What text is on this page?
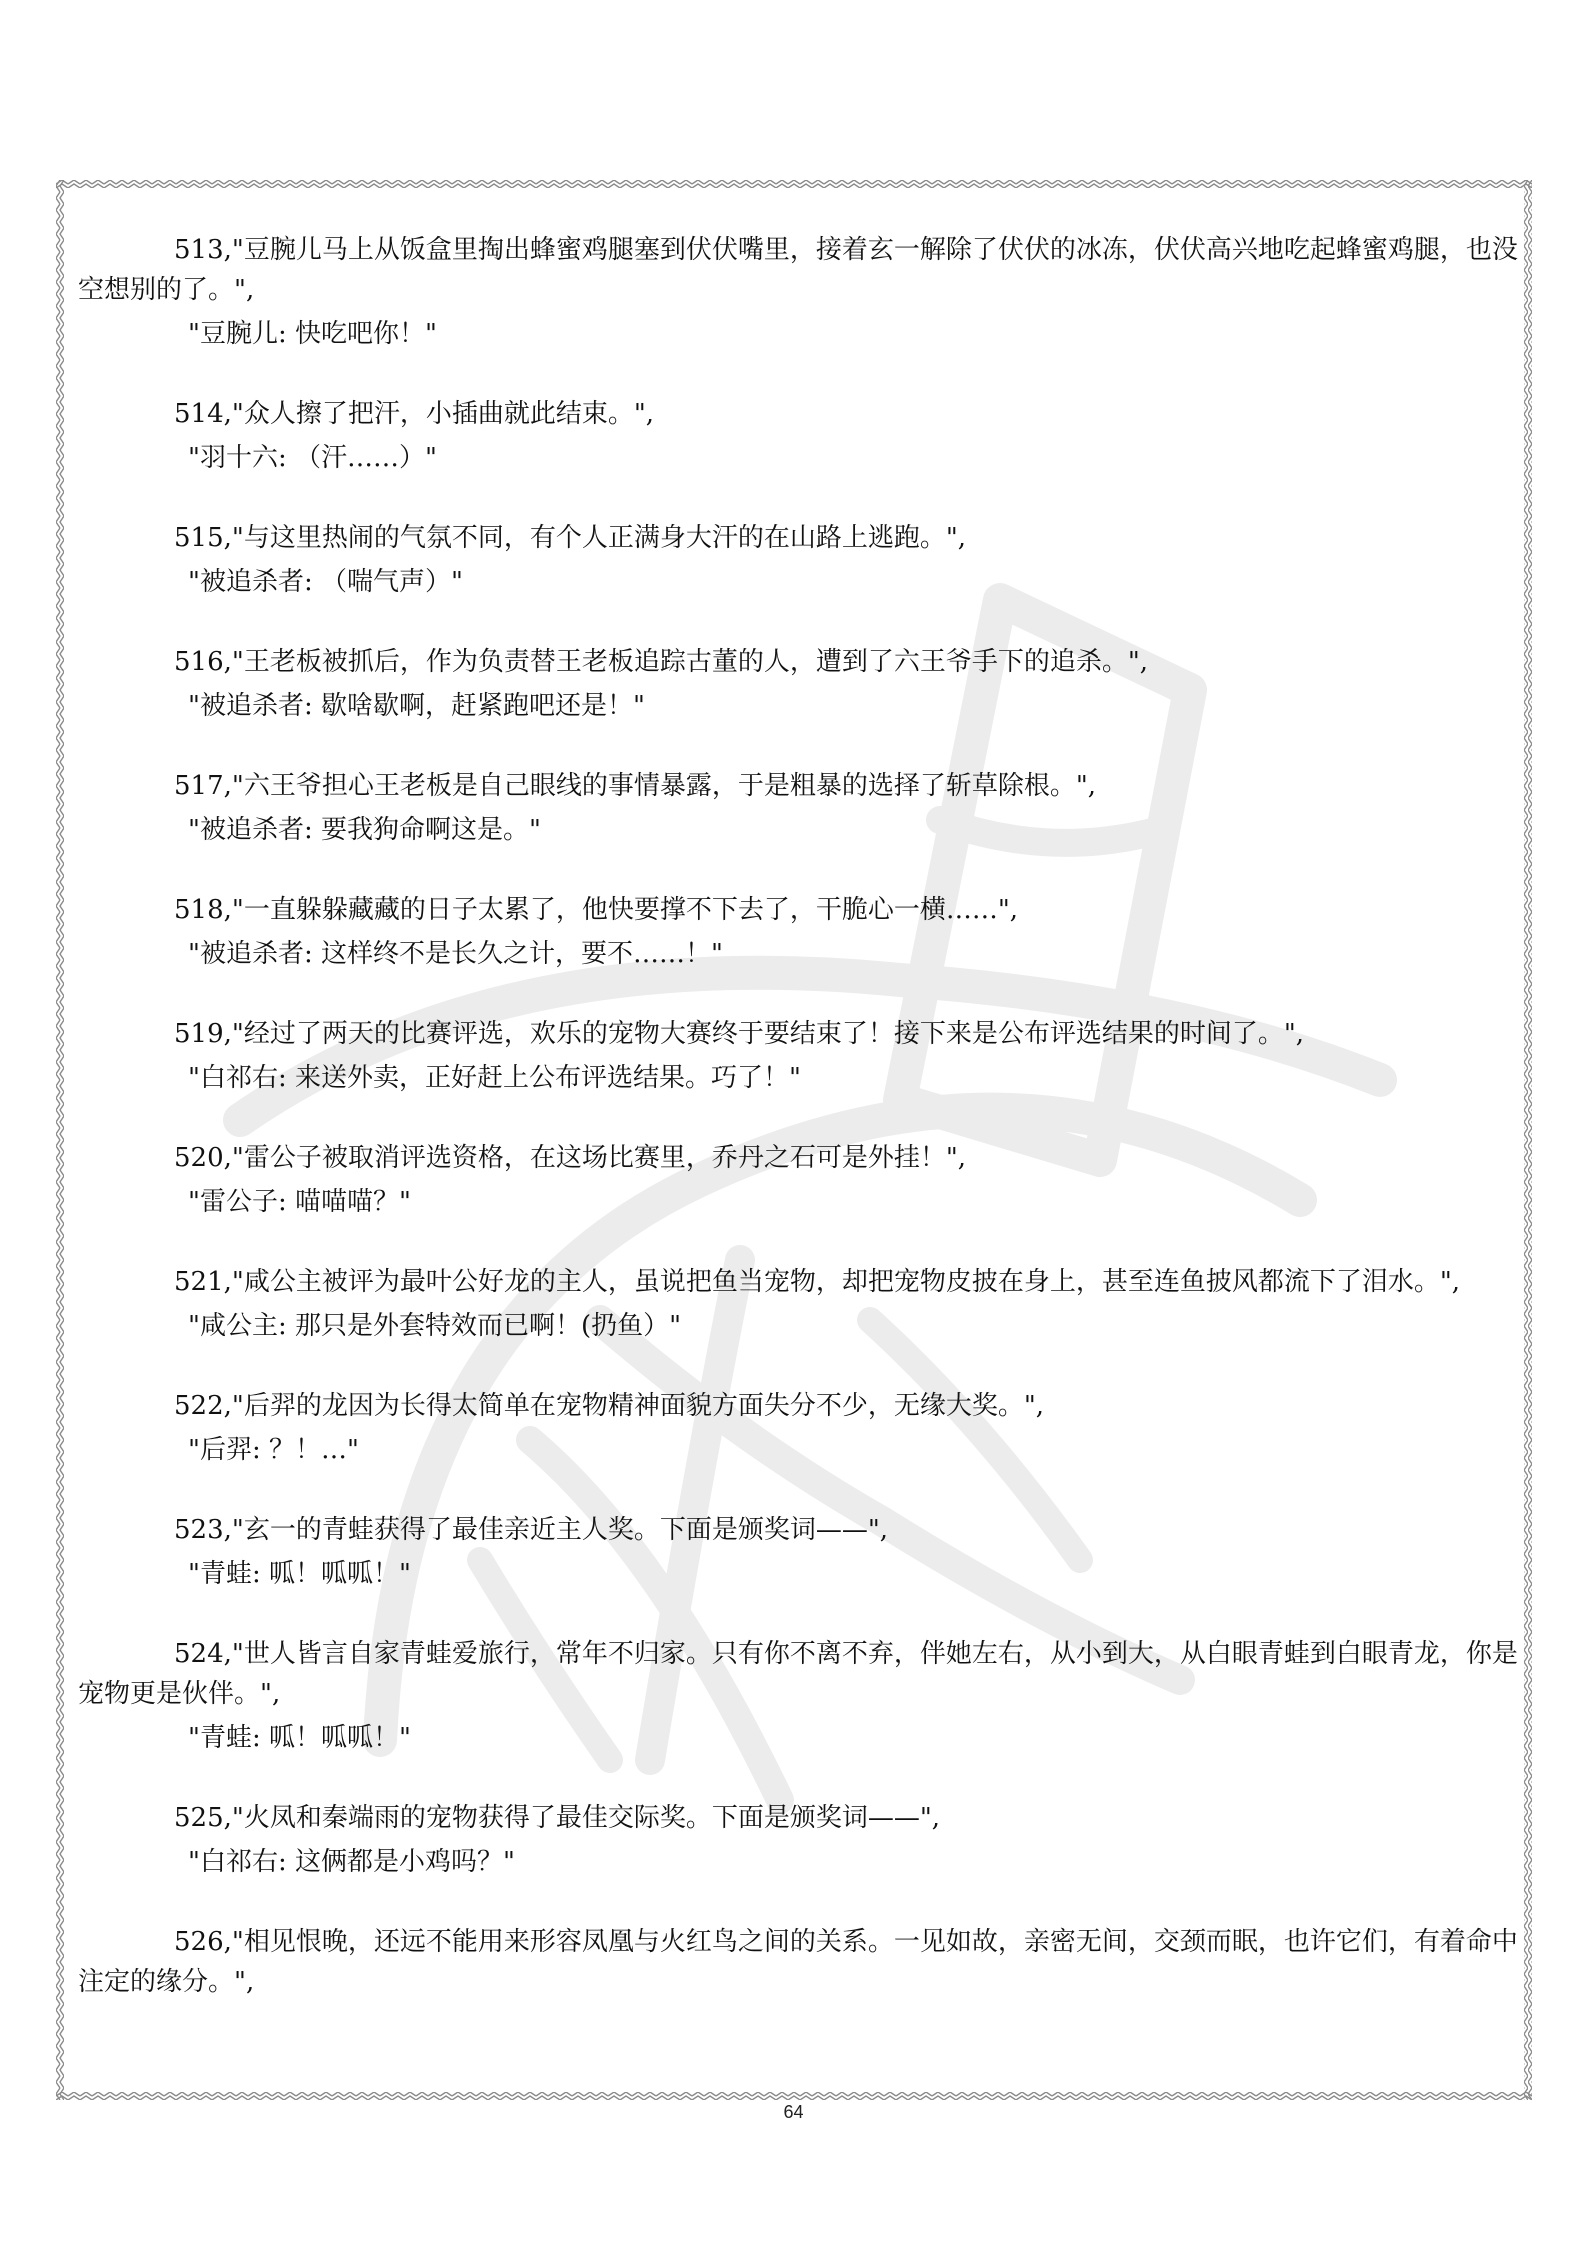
513,"豆腕儿马上从饭盒里掏出蜂蜜鸡腿塞到伏伏嘴里，接着玄一解除了伏伏的冰冻，伏伏高兴地吃起蜂蜜鸡腿，也没空想别的了。",

"豆腕儿: 快吃吧你！"

514,"众人擦了把汗，小插曲就此结束。",

"羽十六: （汗……）"

515,"与这里热闹的气氛不同，有个人正满身大汗的在山路上逃跑。",

"被追杀者: （喘气声）"

516,"王老板被抓后，作为负责替王老板追踪古董的人，遭到了六王爷手下的追杀。",

"被追杀者: 歇啥歇啊，赶紧跑吧还是！"

517,"六王爷担心王老板是自己眼线的事情暴露，于是粗暴的选择了斩草除根。",

"被追杀者: 要我狗命啊这是。"

518,"一直躲躲藏藏的日子太累了，他快要撑不下去了，干脆心一横……",

"被追杀者: 这样终不是长久之计，要不……！"

519,"经过了两天的比赛评选，欢乐的宠物大赛终于要结束了！接下来是公布评选结果的时间了。",

"白祁右: 来送外卖，正好赶上公布评选结果。巧了！"

520,"雷公子被取消评选资格，在这场比赛里，乔丹之石可是外挂！",

"雷公子: 喵喵喵？"

521,"咸公主被评为最叶公好龙的主人，虽说把鱼当宠物，却把宠物皮披在身上，甚至连鱼披风都流下了泪水。",

"咸公主: 那只是外套特效而已啊！(扔鱼）"

522,"后羿的龙因为长得太简单在宠物精神面貌方面失分不少，无缘大奖。",

"后羿: ？！…"

523,"玄一的青蛙获得了最佳亲近主人奖。下面是颁奖词——",

"青蛙: 呱！呱呱！"

524,"世人皆言自家青蛙爱旅行，常年不归家。只有你不离不弃，伴她左右，从小到大，从白眼青蛙到白眼青龙，你是宠物更是伙伴。",

"青蛙: 呱！呱呱！"

525,"火凤和秦端雨的宠物获得了最佳交际奖。下面是颁奖词——",

"白祁右: 这俩都是小鸡吗？"

526,"相见恨晚，还远不能用来形容凤凰与火红鸟之间的关系。一见如故，亲密无间，交颈而眠，也许它们，有着命中注定的缘分。",

64
